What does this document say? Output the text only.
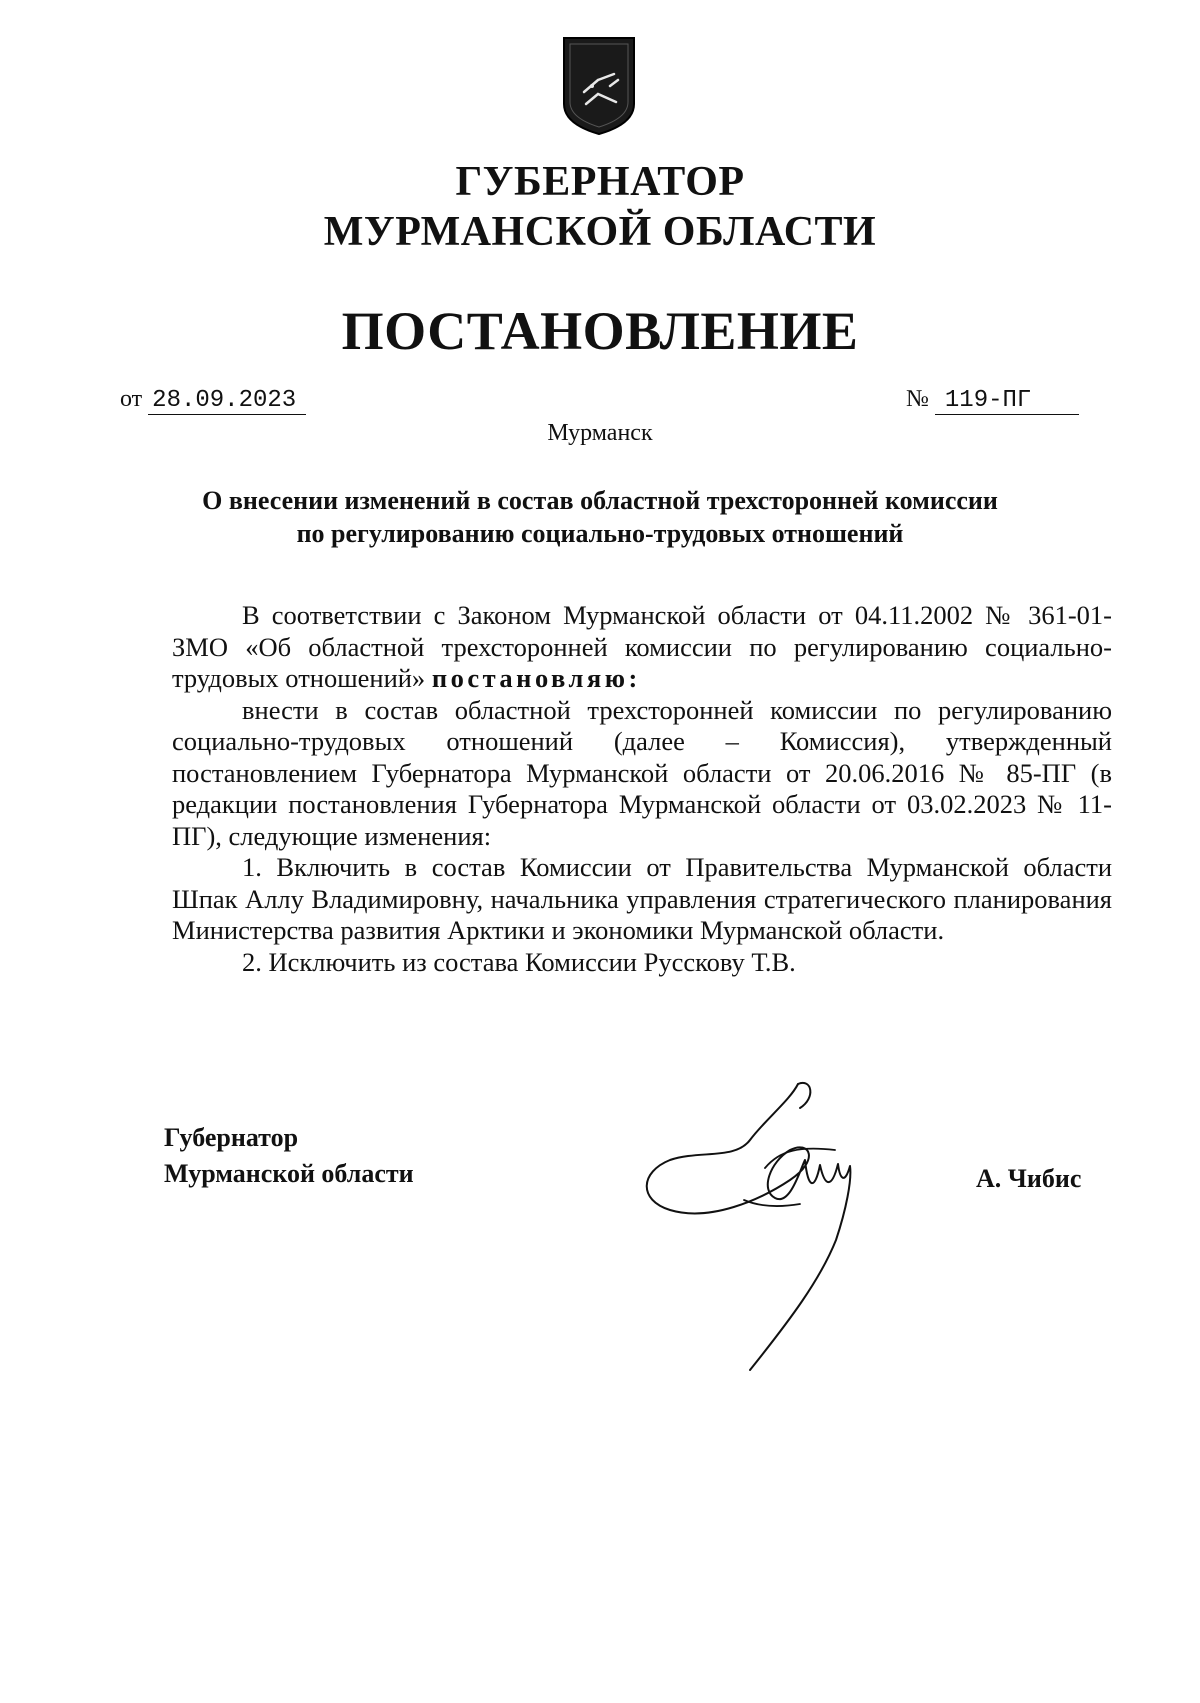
ГУБЕРНАТОР
МУРМАНСКОЙ ОБЛАСТИ
ПОСТАНОВЛЕНИЕ
от 28.09.2023	№ 119-ПГ
Мурманск
О внесении изменений в состав областной трехсторонней комиссии
по регулированию социально-трудовых отношений

В соответствии с Законом Мурманской области от 04.11.2002 № 361-01-ЗМО «Об областной трехсторонней комиссии по регулированию социально-трудовых отношений» постановляю:

внести в состав областной трехсторонней комиссии по регулированию социально-трудовых отношений (далее – Комиссия), утвержденный постановлением Губернатора Мурманской области от 20.06.2016 № 85-ПГ (в редакции постановления Губернатора Мурманской области от 03.02.2023 № 11-ПГ), следующие изменения:

1. Включить в состав Комиссии от Правительства Мурманской области Шпак Аллу Владимировну, начальника управления стратегического планирования Министерства развития Арктики и экономики Мурманской области.

2. Исключить из состава Комиссии Русскову Т.В.

Губернатор
Мурманской области	А. Чибис
